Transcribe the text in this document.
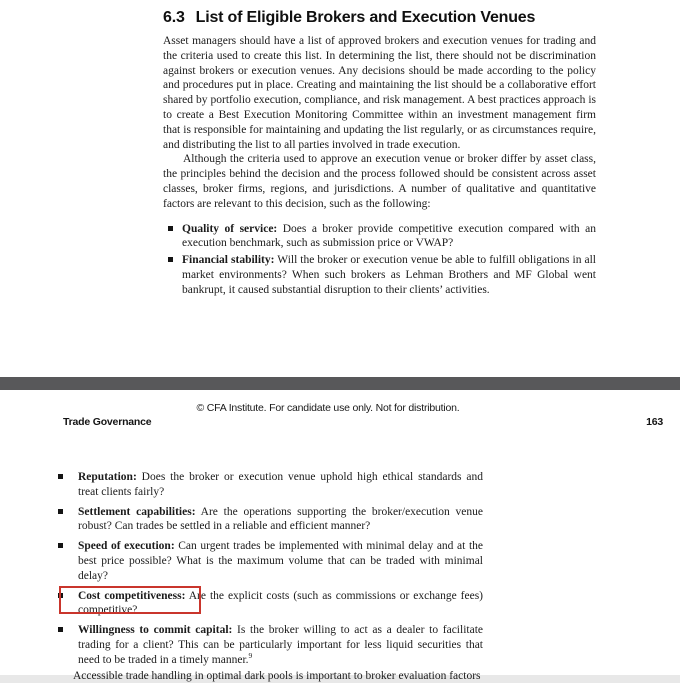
6.3 List of Eligible Brokers and Execution Venues
Asset managers should have a list of approved brokers and execution venues for trading and the criteria used to create this list. In determining the list, there should not be discrimination against brokers or execution venues. Any decisions should be made according to the policy and procedures put in place. Creating and maintaining the list should be a collaborative effort shared by portfolio execution, compliance, and risk management. A best practices approach is to create a Best Execution Monitoring Committee within an investment management firm that is responsible for maintaining and updating the list regularly, or as circumstances require, and distributing the list to all parties involved in trade execution.
Although the criteria used to approve an execution venue or broker differ by asset class, the principles behind the decision and the process followed should be consistent across asset classes, broker firms, regions, and jurisdictions. A number of qualitative and quantitative factors are relevant to this decision, such as the following:
Quality of service: Does a broker provide competitive execution compared with an execution benchmark, such as submission price or VWAP?
Financial stability: Will the broker or execution venue be able to fulfill obligations in all market environments? When such brokers as Lehman Brothers and MF Global went bankrupt, it caused substantial disruption to their clients’ activities.
© CFA Institute. For candidate use only. Not for distribution.
Trade Governance	163
Reputation: Does the broker or execution venue uphold high ethical standards and treat clients fairly?
Settlement capabilities: Are the operations supporting the broker/execution venue robust? Can trades be settled in a reliable and efficient manner?
Speed of execution: Can urgent trades be implemented with minimal delay and at the best price possible? What is the maximum volume that can be traded with minimal delay?
Cost competitiveness: Are the explicit costs (such as commissions or exchange fees) competitive?
Willingness to commit capital: Is the broker willing to act as a dealer to facilitate trading for a client? This can be particularly important for less liquid securities that need to be traded in a timely manner.$^9$
Accessible trade handling in optimal dark pools is important to broker evaluation factors
